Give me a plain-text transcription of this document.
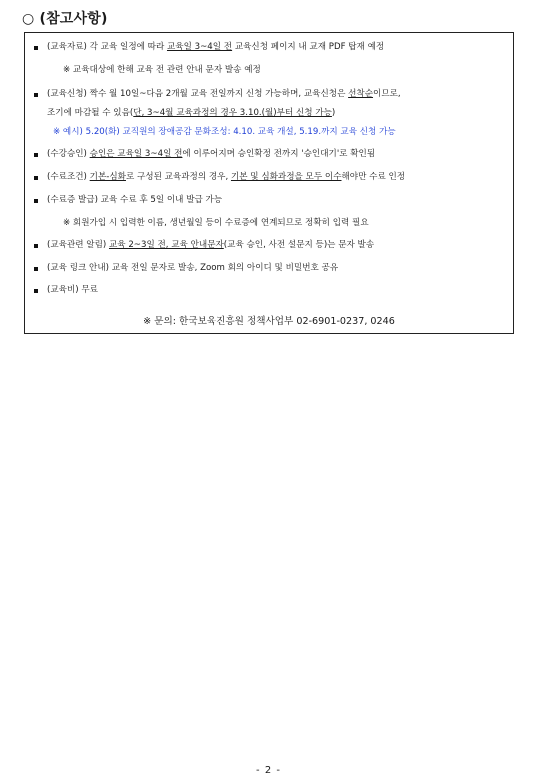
○ (참고사항)
(교육자료) 각 교육 일정에 따라 교육일 3~4일 전 교육신청 페이지 내 교재 PDF 탑재 예정
※ 교육대상에 한해 교육 전 관련 안내 문자 발송 예정
(교육신청) 짝수 월 10일~다음 2개월 교육 전일까지 신청 가능하며, 교육신청은 선착순이므로,
조기에 마감될 수 있음(단, 3~4월 교육과정의 경우 3.10.(월)부터 신청 가능)
※ 예시) 5.20(화) 교직원의 장애공감 문화조성: 4.10. 교육 개설, 5.19.까지 교육 신청 가능
(수강승인) 승인은 교육일 3~4일 전에 이루어지며 승인확정 전까지 '승인대기'로 확인됨
(수료조건) 기본-심화로 구성된 교육과정의 경우, 기본 및 심화과정을 모두 이수해야만 수료 인정
(수료증 발급) 교육 수료 후 5일 이내 발급 가능
※ 회원가입 시 입력한 이름, 생년월일 등이 수료증에 연계되므로 정확히 입력 필요
(교육관련 알림) 교육 2~3일 전, 교육 안내문자(교육 승인, 사전 설문지 등)는 문자 발송
(교육 링크 안내) 교육 전일 문자로 발송, Zoom 회의 아이디 및 비밀번호 공유
(교육비) 무료
※ 문의: 한국보육진흥원 정책사업부 02-6901-0237, 0246
- 2 -
